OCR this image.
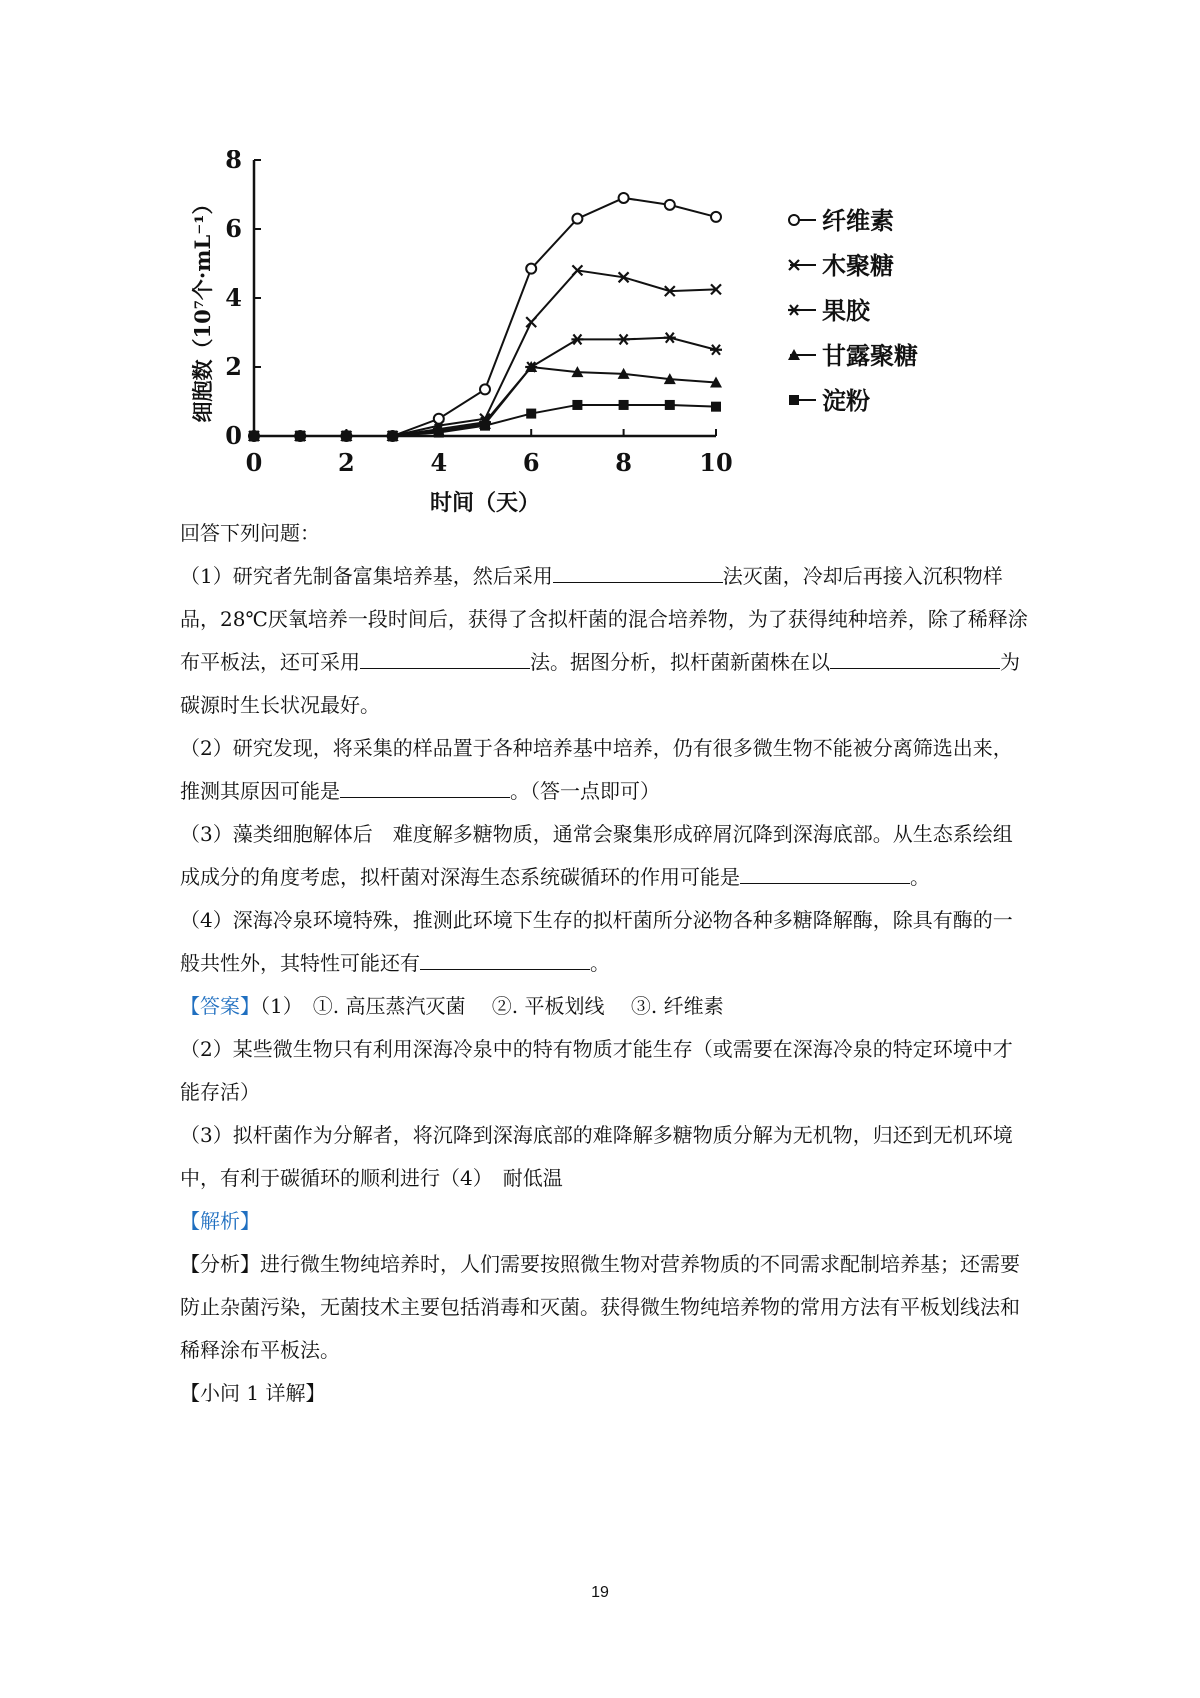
时间（天）
细胞数（10⁷个·mL⁻¹）
0	2	4	6	8	10
0
2
4
6
8
纤维素
木聚糖
果胶
甘露聚糖
淀粉

回答下列问题：

（1）研究者先制备富集培养基，然后采用	法灭菌，冷却后再接入沉积物样品，28℃厌氧培养一段时间后，获得了含拟杆菌的混合培养物，为了获得纯种培养，除了稀释涂布平板法，还可采用	法。据图分析，拟杆菌新菌株在以	为碳源时生长状况最好。

（2）研究发现，将采集的样品置于各种培养基中培养，仍有很多微生物不能被分离筛选出来，推测其原因可能是	。（答一点即可）

（3）藻类细胞解体后　难度解多糖物质，通常会聚集形成碎屑沉降到深海底部。从生态系绘组成成分的角度考虑，拟杆菌对深海生态系统碳循环的作用可能是	。

（4）深海冷泉环境特殊，推测此环境下生存的拟杆菌所分泌物各种多糖降解酶，除具有酶的一般共性外，其特性可能还有	。

【答案】（1）　①. 高压蒸汽灭菌　 ②. 平板划线　 ③. 纤维素

（2）某些微生物只有利用深海冷泉中的特有物质才能生存（或需要在深海冷泉的特定环境中才能存活）

（3）拟杆菌作为分解者，将沉降到深海底部的难降解多糖物质分解为无机物，归还到无机环境中，有利于碳循环的顺利进行（4）　耐低温

【解析】

【分析】进行微生物纯培养时，人们需要按照微生物对营养物质的不同需求配制培养基；还需要防止杂菌污染，无菌技术主要包括消毒和灭菌。获得微生物纯培养物的常用方法有平板划线法和稀释涂布平板法。

【小问 1 详解】

19
